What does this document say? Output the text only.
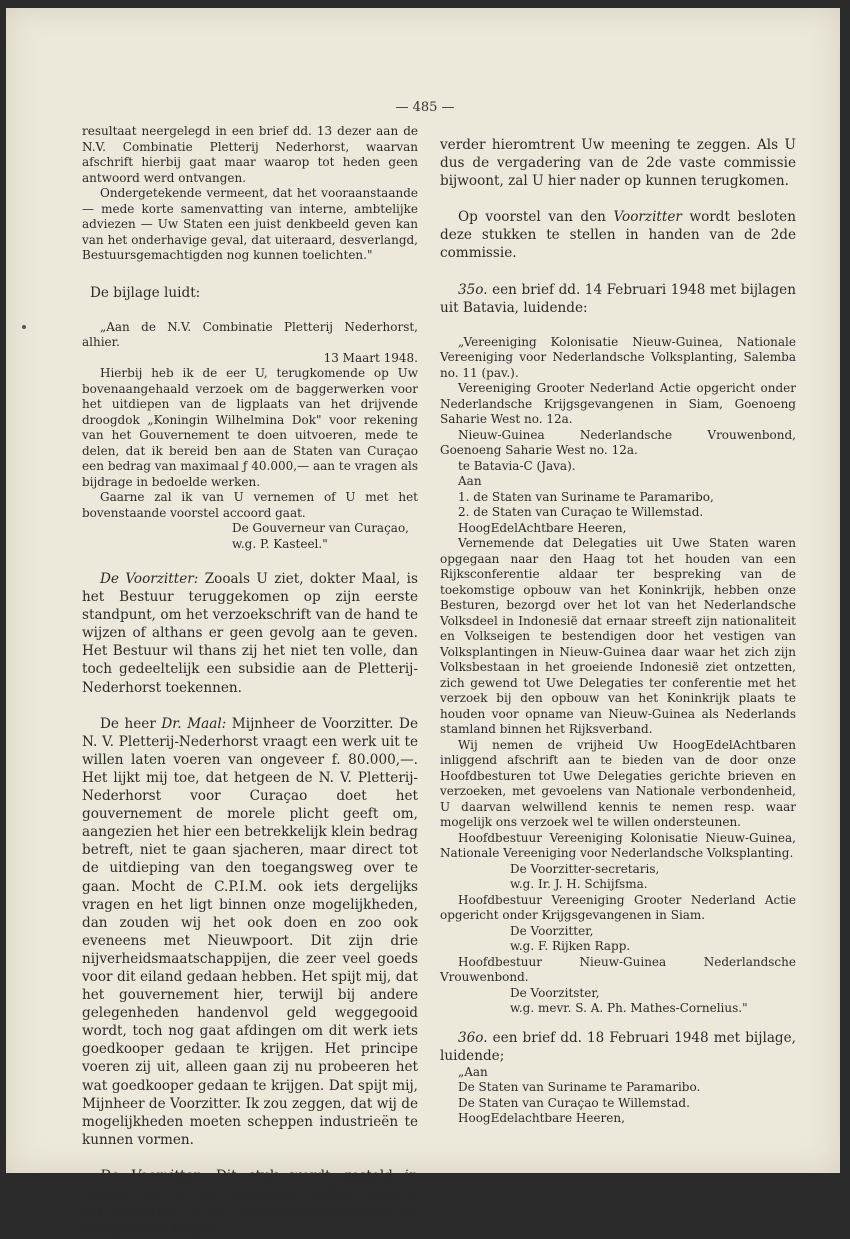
— 485 —

resultaat neergelegd in een brief dd. 13 dezer aan de N.V. Combinatie Pletterij Nederhorst, waarvan afschrift hierbij gaat maar waarop tot heden geen antwoord werd ontvangen.

Ondergetekende vermeent, dat het vooraanstaande — mede korte samenvatting van interne, ambtelijke adviezen — Uw Staten een juist denkbeeld geven kan van het onderhavige geval, dat uiteraard, desverlangd, Bestuursgemachtigden nog kunnen toelichten."

De bijlage luidt:

„Aan de N.V. Combinatie Pletterij Nederhorst, alhier.

13 Maart 1948.

Hierbij heb ik de eer U, terugkomende op Uw bovenaangehaald verzoek om de baggerwerken voor het uitdiepen van de ligplaats van het drijvende droogdok „Koningin Wilhelmina Dok" voor rekening van het Gouvernement te doen uitvoeren, mede te delen, dat ik bereid ben aan de Staten van Curaçao een bedrag van maximaal ƒ 40.000,— aan te vragen als bijdrage in bedoelde werken.

Gaarne zal ik van U vernemen of U met het bovenstaande voorstel accoord gaat.

De Gouverneur van Curaçao,

w.g. P. Kasteel."

De Voorzitter: Zooals U ziet, dokter Maal, is het Bestuur teruggekomen op zijn eerste standpunt, om het verzoekschrift van de hand te wijzen of althans er geen gevolg aan te geven. Het Bestuur wil thans zij het niet ten volle, dan toch gedeeltelijk een subsidie aan de Pletterij-Nederhorst toekennen.

De heer Dr. Maal: Mijnheer de Voorzitter. De N. V. Pletterij-Nederhorst vraagt een werk uit te willen laten voeren van ongeveer f. 80.000,—. Het lijkt mij toe, dat hetgeen de N. V. Pletterij-Nederhorst voor Curaçao doet het gouvernement de morele plicht geeft om, aangezien het hier een betrekkelijk klein bedrag betreft, niet te gaan sjacheren, maar direct tot de uitdieping van den toegangsweg over te gaan. Mocht de C.P.I.M. ook iets dergelijks vragen en het ligt binnen onze mogelijkheden, dan zouden wij het ook doen en zoo ook eveneens met Nieuwpoort. Dit zijn drie nijverheidsmaatschappijen, die zeer veel goeds voor dit eiland gedaan hebben. Het spijt mij, dat het gouvernement hier, terwijl bij andere gelegenheden handenvol geld weggegooid wordt, toch nog gaat afdingen om dit werk iets goedkooper gedaan te krijgen. Het principe voeren zij uit, alleen gaan zij nu probeeren het wat goedkooper gedaan te krijgen. Dat spijt mij, Mijnheer de Voorzitter. Ik zou zeggen, dat wij de mogelijkheden moeten scheppen industrieën te kunnen vormen.

De Voorzitter: Dit stuk wordt gesteld in handen van de 2de commissie, dokter Maal. U zal natuurlijk in de commissievergadering de gelegenheid krijgen

verder hieromtrent Uw meening te zeggen. Als U dus de vergadering van de 2de vaste commissie bijwoont, zal U hier nader op kunnen terugkomen.

Op voorstel van den Voorzitter wordt besloten deze stukken te stellen in handen van de 2de commissie.

35o. een brief dd. 14 Februari 1948 met bijlagen uit Batavia, luidende:

„Vereeniging Kolonisatie Nieuw-Guinea, Nationale Vereeniging voor Nederlandsche Volksplanting, Salemba no. 11 (pav.).

Vereeniging Grooter Nederland Actie opgericht onder Nederlandsche Krijgsgevangenen in Siam, Goenoeng Saharie West no. 12a.

Nieuw-Guinea Nederlandsche Vrouwenbond, Goenoeng Saharie West no. 12a.

te Batavia-C (Java).

Aan

1. de Staten van Suriname te Paramaribo,

2. de Staten van Curaçao te Willemstad.

HoogEdelAchtbare Heeren,

Vernemende dat Delegaties uit Uwe Staten waren opgegaan naar den Haag tot het houden van een Rijksconferentie aldaar ter bespreking van de toekomstige opbouw van het Koninkrijk, hebben onze Besturen, bezorgd over het lot van het Nederlandsche Volksdeel in Indonesië dat ernaar streeft zijn nationaliteit en Volkseigen te bestendigen door het vestigen van Volksplantingen in Nieuw-Guinea daar waar het zich zijn Volksbestaan in het groeiende Indonesië ziet ontzetten, zich gewend tot Uwe Delegaties ter conferentie met het verzoek bij den opbouw van het Koninkrijk plaats te houden voor opname van Nieuw-Guinea als Nederlands stamland binnen het Rijksverband.

Wij nemen de vrijheid Uw HoogEdelAchtbaren inliggend afschrift aan te bieden van de door onze Hoofdbesturen tot Uwe Delegaties gerichte brieven en verzoeken, met gevoelens van Nationale verbondenheid, U daarvan welwillend kennis te nemen resp. waar mogelijk ons verzoek wel te willen ondersteunen.

Hoofdbestuur Vereeniging Kolonisatie Nieuw-Guinea, Nationale Vereeniging voor Nederlandsche Volksplanting.

De Voorzitter-secretaris,

w.g. Ir. J. H. Schijfsma.

Hoofdbestuur Vereeniging Grooter Nederland Actie opgericht onder Krijgsgevangenen in Siam.

De Voorzitter,

w.g. F. Rijken Rapp.

Hoofdbestuur Nieuw-Guinea Nederlandsche Vrouwenbond.

De Voorzitster,

w.g. mevr. S. A. Ph. Mathes-Cornelius."

36o. een brief dd. 18 Februari 1948 met bijlage, luidende;

„Aan

De Staten van Suriname te Paramaribo.

De Staten van Curaçao te Willemstad.

HoogEdelachtbare Heeren,
